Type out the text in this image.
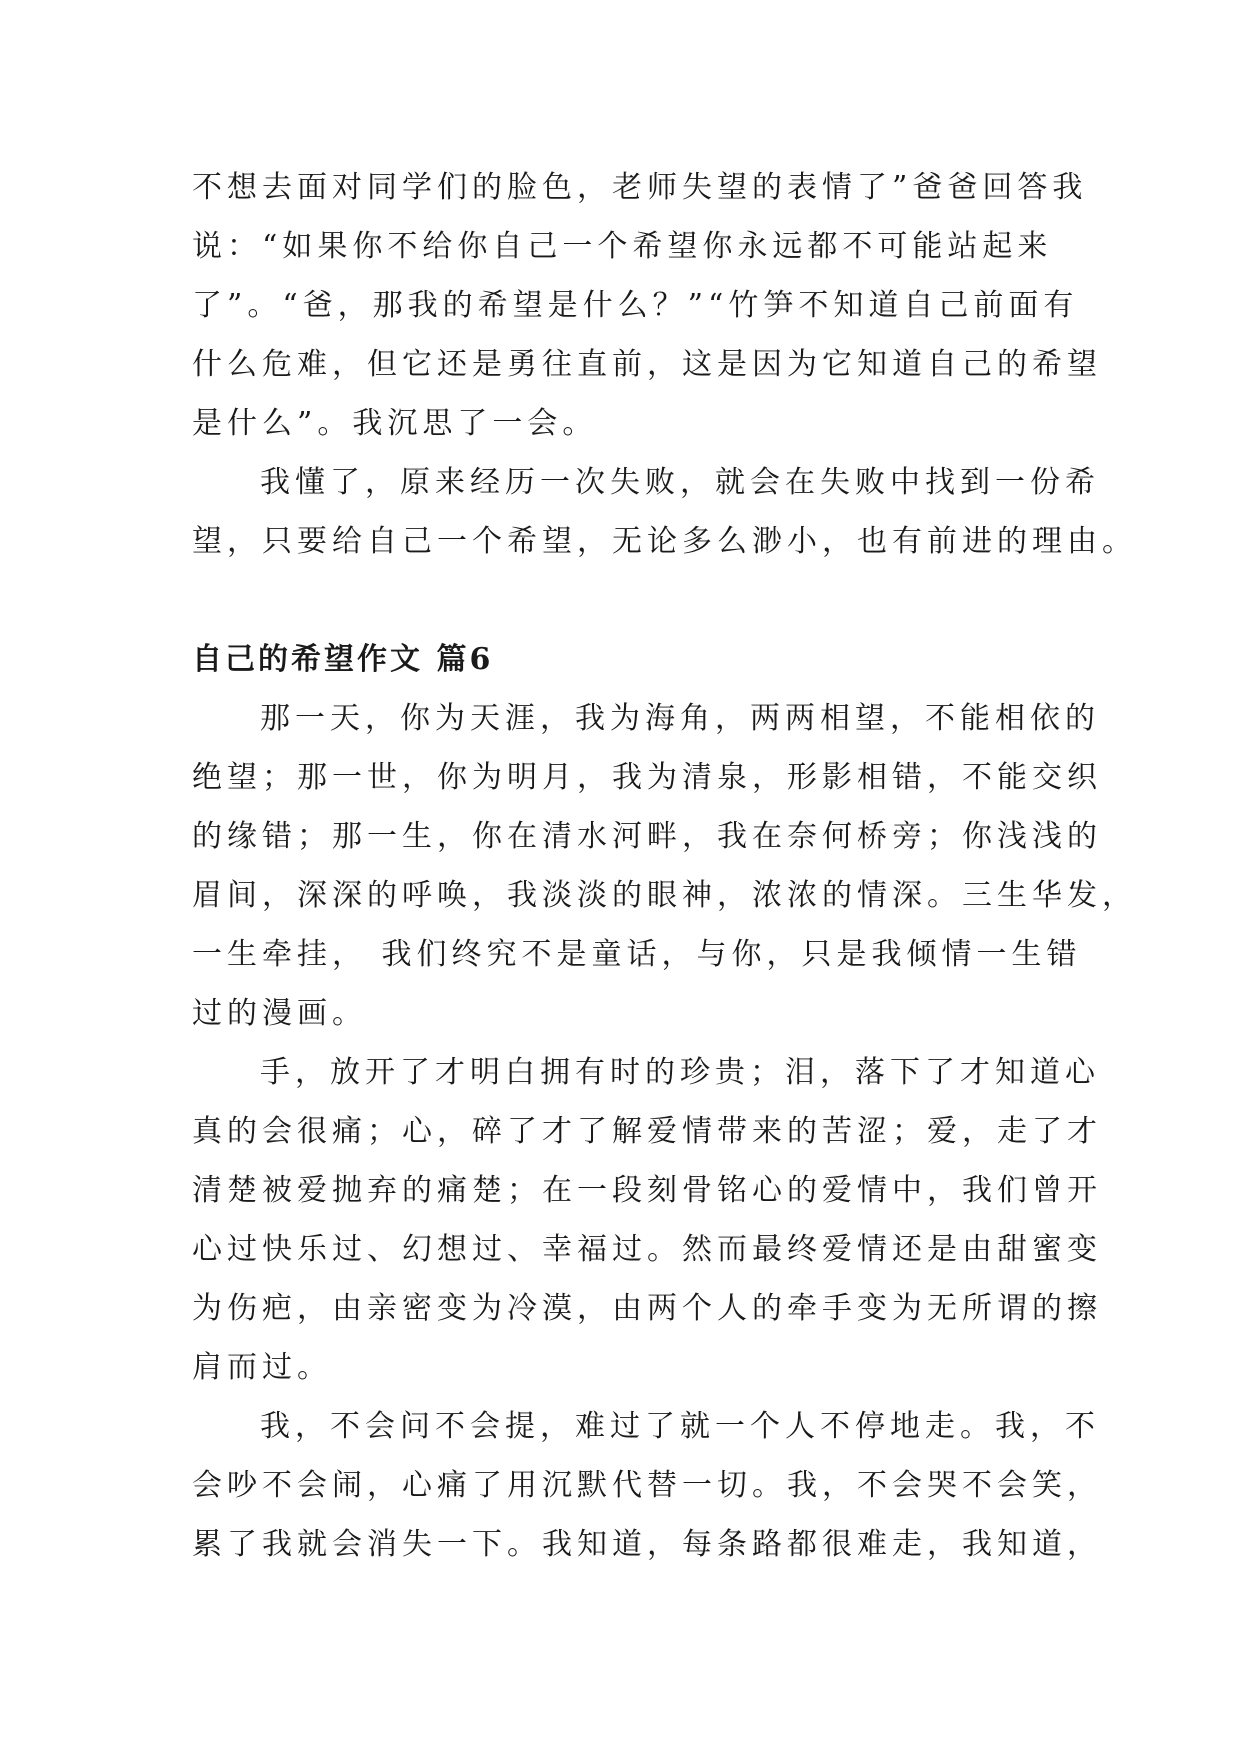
不想去面对同学们的脸色，老师失望的表情了”爸爸回答我
说：“如果你不给你自己一个希望你永远都不可能站起来
了”。“爸，那我的希望是什么？”“竹笋不知道自己前面有
什么危难，但它还是勇往直前，这是因为它知道自己的希望
是什么”。我沉思了一会。
我懂了，原来经历一次失败，就会在失败中找到一份希
望，只要给自己一个希望，无论多么渺小，也有前进的理由。
自己的希望作文 篇6
那一天，你为天涯，我为海角，两两相望，不能相依的
绝望；那一世，你为明月，我为清泉，形影相错，不能交织
的缘错；那一生，你在清水河畔，我在奈何桥旁；你浅浅的
眉间，深深的呼唤，我淡淡的眼神，浓浓的情深。三生华发，
一生牵挂， 我们终究不是童话，与你，只是我倾情一生错
过的漫画。
手，放开了才明白拥有时的珍贵；泪，落下了才知道心
真的会很痛；心，碎了才了解爱情带来的苦涩；爱，走了才
清楚被爱抛弃的痛楚；在一段刻骨铭心的爱情中，我们曾开
心过快乐过、幻想过、幸福过。然而最终爱情还是由甜蜜变
为伤疤，由亲密变为冷漠，由两个人的牵手变为无所谓的擦
肩而过。
我，不会问不会提，难过了就一个人不停地走。我，不
会吵不会闹，心痛了用沉默代替一切。我，不会哭不会笑，
累了我就会消失一下。我知道，每条路都很难走，我知道，
